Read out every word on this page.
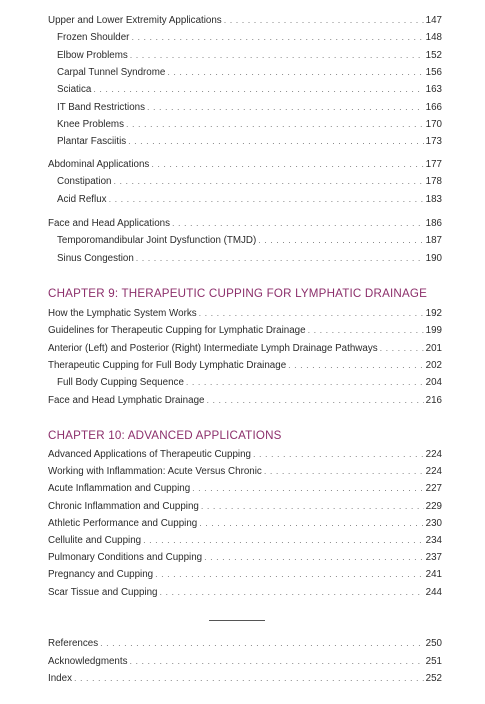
Upper and Lower Extremity Applications . . .	147
Frozen Shoulder . . .	148
Elbow Problems . . .	152
Carpal Tunnel Syndrome . . .	156
Sciatica . . .	163
IT Band Restrictions . . .	166
Knee Problems . . .	170
Plantar Fasciitis . . .	173
Abdominal Applications . . .	177
Constipation . . .	178
Acid Reflux . . .	183
Face and Head Applications . . .	186
Temporomandibular Joint Dysfunction (TMJD) . . .	187
Sinus Congestion . . .	190
CHAPTER 9: THERAPEUTIC CUPPING FOR LYMPHATIC DRAINAGE
How the Lymphatic System Works . . .	192
Guidelines for Therapeutic Cupping for Lymphatic Drainage . . .	199
Anterior (Left) and Posterior (Right) Intermediate Lymph Drainage Pathways . . .	201
Therapeutic Cupping for Full Body Lymphatic Drainage . . .	202
Full Body Cupping Sequence . . .	204
Face and Head Lymphatic Drainage . . .	216
CHAPTER 10: ADVANCED APPLICATIONS
Advanced Applications of Therapeutic Cupping . . .	224
Working with Inflammation: Acute Versus Chronic . . .	224
Acute Inflammation and Cupping . . .	227
Chronic Inflammation and Cupping . . .	229
Athletic Performance and Cupping . . .	230
Cellulite and Cupping . . .	234
Pulmonary Conditions and Cupping . . .	237
Pregnancy and Cupping . . .	241
Scar Tissue and Cupping . . .	244
References . . .	250
Acknowledgments . . .	251
Index . . .	252
